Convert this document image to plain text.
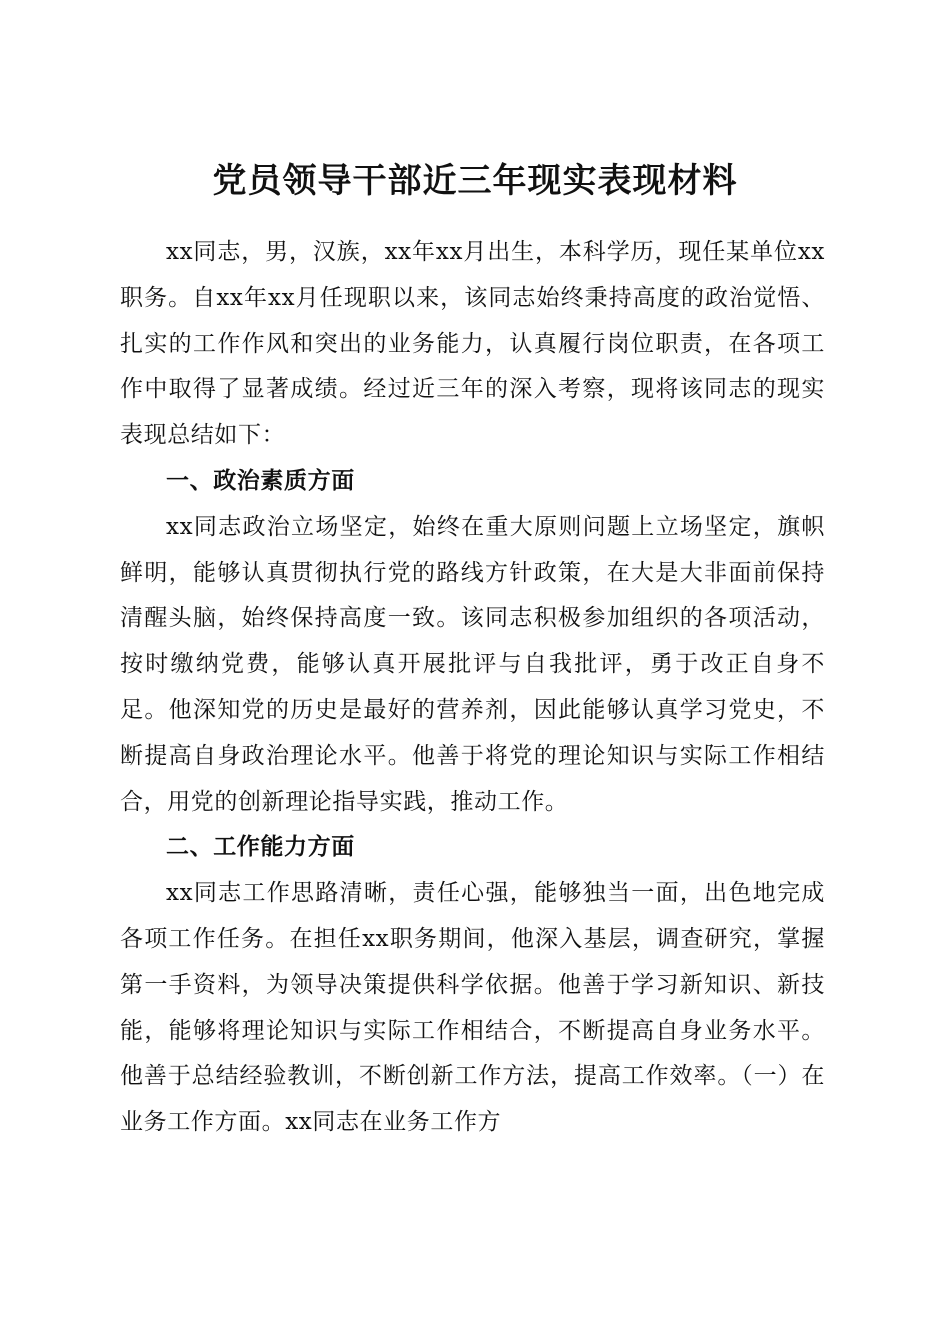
党员领导干部近三年现实表现材料

xx同志，男，汉族，xx年xx月出生，本科学历，现任某单位xx职务。自xx年xx月任现职以来，该同志始终秉持高度的政治觉悟、扎实的工作作风和突出的业务能力，认真履行岗位职责，在各项工作中取得了显著成绩。经过近三年的深入考察，现将该同志的现实表现总结如下：

一、政治素质方面

xx同志政治立场坚定，始终在重大原则问题上立场坚定，旗帜鲜明，能够认真贯彻执行党的路线方针政策，在大是大非面前保持清醒头脑，始终保持高度一致。该同志积极参加组织的各项活动，按时缴纳党费，能够认真开展批评与自我批评，勇于改正自身不足。他深知党的历史是最好的营养剂，因此能够认真学习党史，不断提高自身政治理论水平。他善于将党的理论知识与实际工作相结合，用党的创新理论指导实践，推动工作。

二、工作能力方面

xx同志工作思路清晰，责任心强，能够独当一面，出色地完成各项工作任务。在担任xx职务期间，他深入基层，调查研究，掌握第一手资料，为领导决策提供科学依据。他善于学习新知识、新技能，能够将理论知识与实际工作相结合，不断提高自身业务水平。他善于总结经验教训，不断创新工作方法，提高工作效率。（一）在业务工作方面。xx同志在业务工作方
